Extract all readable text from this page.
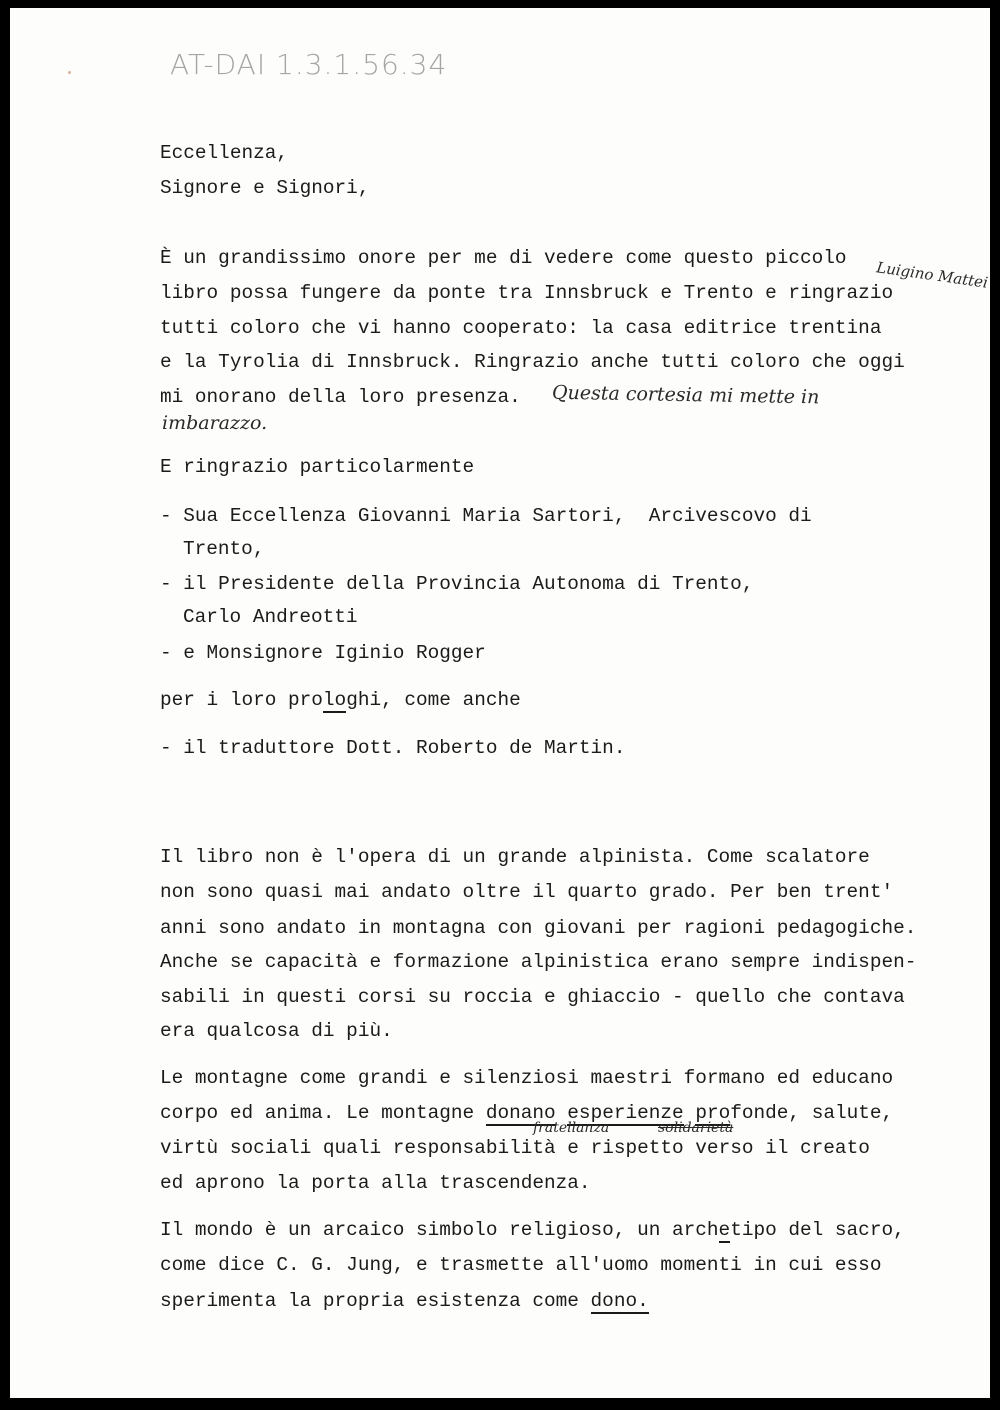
AT-DAI 1.3.1.56.34
Eccellenza,
Signore e Signori,
È un grandissimo onore per me di vedere come questo piccolo
libro possa fungere da ponte tra Innsbruck e Trento e ringrazio
tutti coloro che vi hanno cooperato: la casa editrice trentina
e la Tyrolia di Innsbruck. Ringrazio anche tutti coloro che oggi
mi onorano della loro presenza.
E ringrazio particolarmente
- Sua Eccellenza Giovanni Maria Sartori,  Arcivescovo di
Trento,
- il Presidente della Provincia Autonoma di Trento,
Carlo Andreotti
- e Monsignore Iginio Rogger
per i loro prologhi, come anche
- il traduttore Dott. Roberto de Martin.
Il libro non è l'opera di un grande alpinista. Come scalatore
non sono quasi mai andato oltre il quarto grado. Per ben trent'
anni sono andato in montagna con giovani per ragioni pedagogiche.
Anche se capacità e formazione alpinistica erano sempre indispen-
sabili in questi corsi su roccia e ghiaccio - quello che contava
era qualcosa di più.
Le montagne come grandi e silenziosi maestri formano ed educano
corpo ed anima. Le montagne donano esperienze profonde, salute,
virtù sociali quali responsabilità e rispetto verso il creato
ed aprono la porta alla trascendenza.
Il mondo è un arcaico simbolo religioso, un archetipo del sacro,
come dice C. G. Jung, e trasmette all'uomo momenti in cui esso
sperimenta la propria esistenza come dono.
Luigino Mattei
Questa cortesia mi mette in
imbarazzo.
fratellanza	solidarietà
